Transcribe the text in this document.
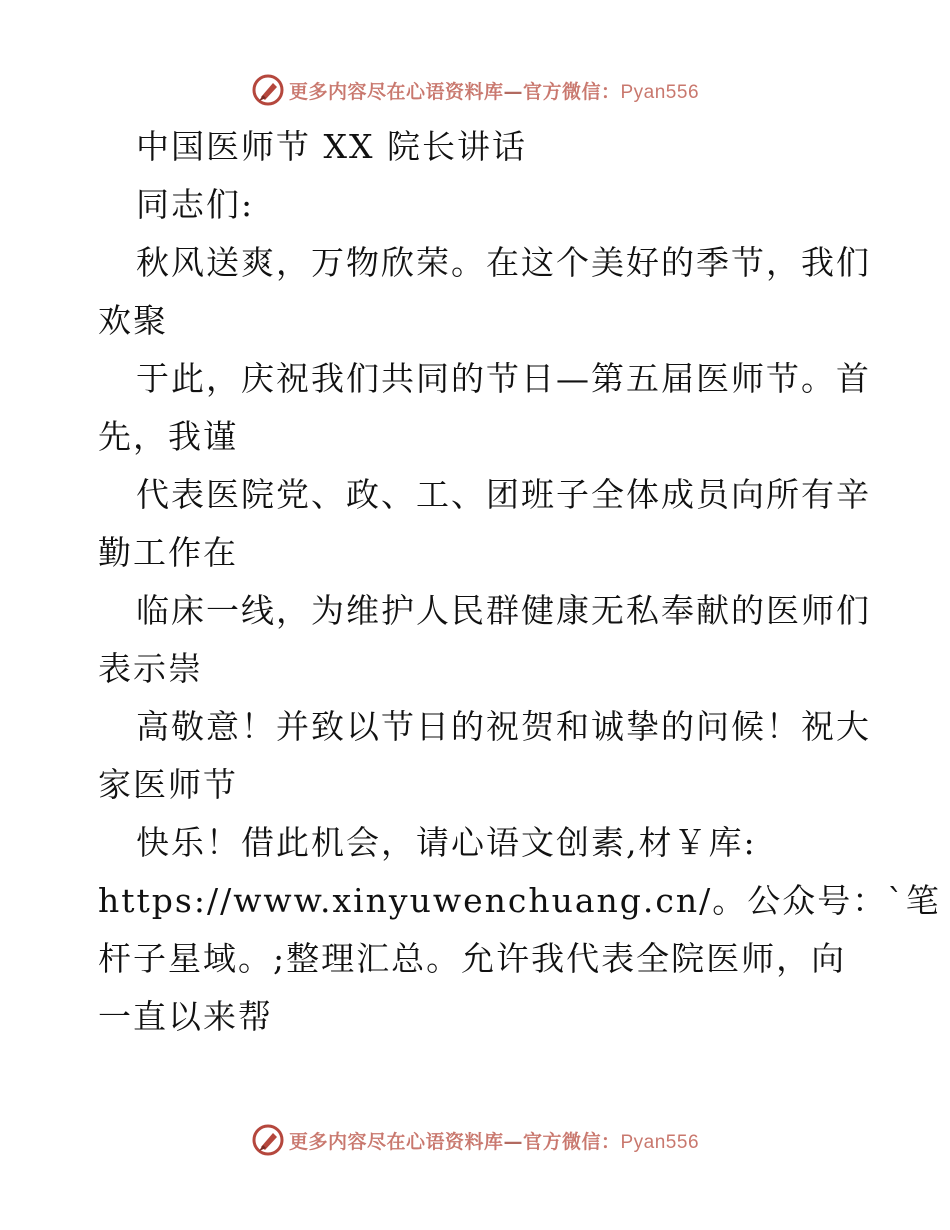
更多内容尽在心语资料库—官方微信：Pyan556
中国医师节 XX 院长讲话
同志们:
秋风送爽，万物欣荣。在这个美好的季节，我们
欢聚
于此，庆祝我们共同的节日—第五届医师节。首
先，我谨
代表医院党、政、工、团班子全体成员向所有辛
勤工作在
临床一线，为维护人民群健康无私奉献的医师们
表示崇
高敬意！并致以节日的祝贺和诚挚的问候！祝大
家医师节
快乐！借此机会，请心语文创素,材￥库:
https://www.xinyuwenchuang.cn/。公众号：`笔
杆子星域。;整理汇总。允许我代表全院医师，向
一直以来帮
更多内容尽在心语资料库—官方微信：Pyan556
